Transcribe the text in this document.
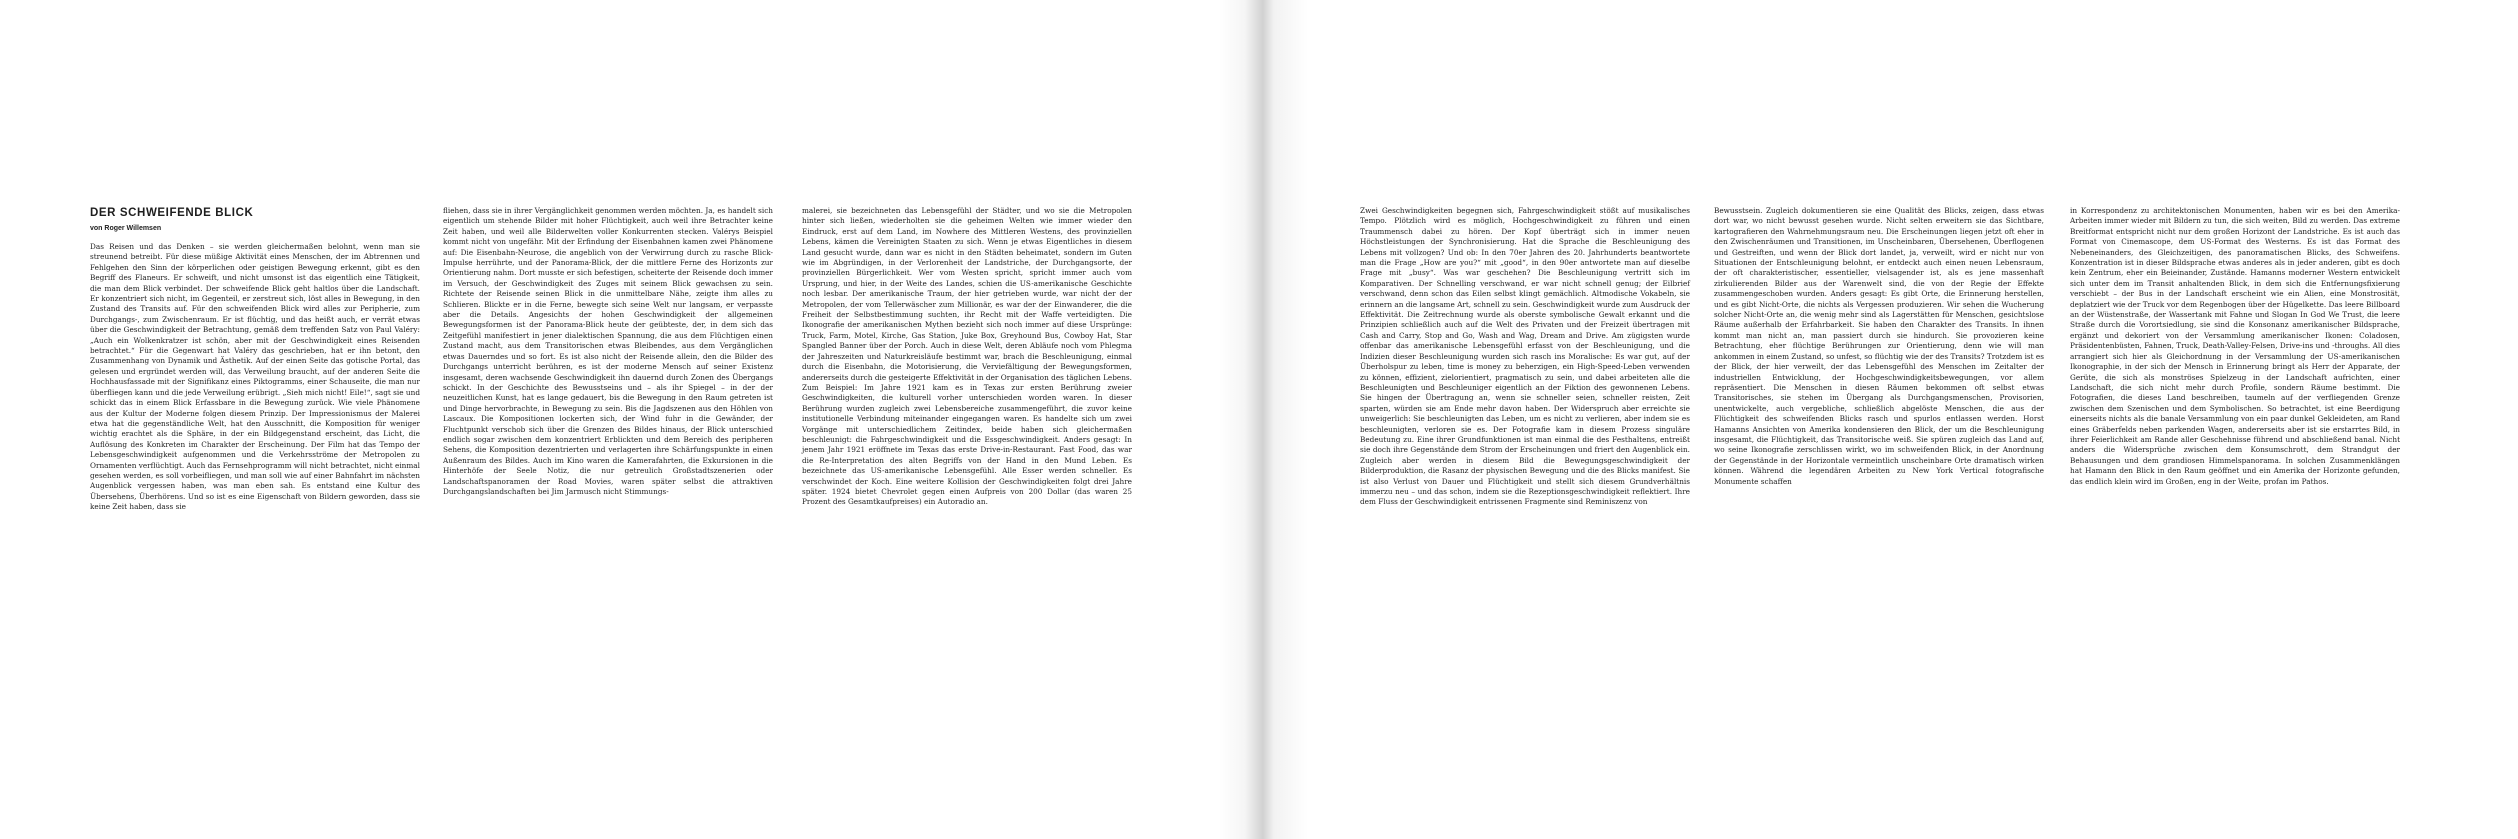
DER SCHWEIFENDE BLICK
von Roger Willemsen

Das Reisen und das Denken – sie werden gleichermaßen belohnt, wenn man sie streunend betreibt. Für diese müßige Aktivität eines Menschen, der im Abtrennen und Fehlgehen den Sinn der körperlichen oder geistigen Bewegung erkennt, gibt es den Begriff des Flaneurs. Er schweift, und nicht umsonst ist das eigentlich eine Tätigkeit, die man dem Blick verbindet. Der schweifende Blick geht haltlos über die Landschaft. Er konzentriert sich nicht, im Gegenteil, er zerstreut sich, löst alles in Bewegung, in den Zustand des Transits auf. Für den schweifenden Blick wird alles zur Peripherie, zum Durchgangs-, zum Zwischenraum. Er ist flüchtig, und das heißt auch, er verrät etwas über die Geschwindigkeit der Betrachtung, gemäß dem treffenden Satz von Paul Valéry: „Auch ein Wolkenkratzer ist schön, aber mit der Geschwindigkeit eines Reisenden betrachtet.“ Für die Gegenwart hat Valéry das geschrieben, hat er ihn betont, den Zusammenhang von Dynamik und Ästhetik. Auf der einen Seite das gotische Portal, das gelesen und ergründet werden will, das Verweilung braucht, auf der anderen Seite die Hochhausfassade mit der Signifikanz eines Piktogramms, einer Schauseite, die man nur überfliegen kann und die jede Verweilung erübrigt. „Sieh mich nicht! Eile!“, sagt sie und schickt das in einem Blick Erfassbare in die Bewegung zurück. Wie viele Phänomene aus der Kultur der Moderne folgen diesem Prinzip. Der Impressionismus der Malerei etwa hat die gegenständliche Welt, hat den Ausschnitt, die Komposition für weniger wichtig erachtet als die Sphäre, in der ein Bildgegenstand erscheint, das Licht, die Auflösung des Konkreten im Charakter der Erscheinung. Der Film hat das Tempo der Lebensgeschwindigkeit aufgenommen und die Verkehrsströme der Metropolen zu Ornamenten verflüchtigt. Auch das Fernsehprogramm will nicht betrachtet, nicht einmal gesehen werden, es soll vorbeifliegen, und man soll wie auf einer Bahnfahrt im nächsten Augenblick vergessen haben, was man eben sah. Es entstand eine Kultur des Übersehens, Überhörens. Und so ist es eine Eigenschaft von Bildern geworden, dass sie keine Zeit haben, dass sie

fliehen, dass sie in ihrer Vergänglichkeit genommen werden möchten. Ja, es handelt sich eigentlich um stehende Bilder mit hoher Flüchtigkeit, auch weil ihre Betrachter keine Zeit haben, und weil alle Bilderwelten voller Konkurrenten stecken. Valérys Beispiel kommt nicht von ungefähr. Mit der Erfindung der Eisenbahnen kamen zwei Phänomene auf: Die Eisenbahn-Neurose, die angeblich von der Verwirrung durch zu rasche Blick-Impulse herrührte, und der Panorama-Blick, der die mittlere Ferne des Horizonts zur Orientierung nahm. Dort musste er sich befestigen, scheiterte der Reisende doch immer im Versuch, der Geschwindigkeit des Zuges mit seinem Blick gewachsen zu sein. Richtete der Reisende seinen Blick in die unmittelbare Nähe, zeigte ihm alles zu Schlieren. Blickte er in die Ferne, bewegte sich seine Welt nur langsam, er verpasste aber die Details. Angesichts der hohen Geschwindigkeit der allgemeinen Bewegungsformen ist der Panorama-Blick heute der geübteste, der, in dem sich das Zeitgefühl manifestiert in jener dialektischen Spannung, die aus dem Flüchtigen einen Zustand macht, aus dem Transitorischen etwas Bleibendes, aus dem Vergänglichen etwas Dauerndes und so fort. Es ist also nicht der Reisende allein, den die Bilder des Durchgangs unterricht berühren, es ist der moderne Mensch auf seiner Existenz insgesamt, deren wachsende Geschwindigkeit ihn dauernd durch Zonen des Übergangs schickt. In der Geschichte des Bewusstseins und – als ihr Spiegel – in der der neuzeitlichen Kunst, hat es lange gedauert, bis die Bewegung in den Raum getreten ist und Dinge hervorbrachte, in Bewegung zu sein. Bis die Jagdszenen aus den Höhlen von Lascaux. Die Kompositionen lockerten sich, der Wind fuhr in die Gewänder, der Fluchtpunkt verschob sich über die Grenzen des Bildes hinaus, der Blick unterschied endlich sogar zwischen dem konzentriert Erblickten und dem Bereich des peripheren Sehens, die Komposition dezentrierten und verlagerten ihre Schärfungspunkte in einen Außenraum des Bildes. Auch im Kino waren die Kamerafahrten, die Exkursionen in die Hinterhöfe der Seele Notiz, die nur getreulich Großstadtszenerien oder Landschaftspanoramen der Road Movies, waren später selbst die attraktiven Durchgangslandschaften bei Jim Jarmusch nicht Stimmungs-

malerei, sie bezeichneten das Lebensgefühl der Städter, und wo sie die Metropolen hinter sich ließen, wiederholten sie die geheimen Welten wie immer wieder den Eindruck, erst auf dem Land, im Nowhere des Mittleren Westens, des provinziellen Lebens, kämen die Vereinigten Staaten zu sich. Wenn je etwas Eigentliches in diesem Land gesucht wurde, dann war es nicht in den Städten beheimatet, sondern im Guten wie im Abgründigen, in der Verlorenheit der Landstriche, der Durchgangsorte, der provinziellen Bürgerlichkeit. Wer vom Westen spricht, spricht immer auch vom Ursprung, und hier, in der Weite des Landes, schien die US-amerikanische Geschichte noch lesbar. Der amerikanische Traum, der hier getrieben wurde, war nicht der der Metropolen, der vom Tellerwäscher zum Millionär, es war der der Einwanderer, die die Freiheit der Selbstbestimmung suchten, ihr Recht mit der Waffe verteidigten. Die Ikonografie der amerikanischen Mythen bezieht sich noch immer auf diese Ursprünge: Truck, Farm, Motel, Kirche, Gas Station, Juke Box, Greyhound Bus, Cowboy Hat, Star Spangled Banner über der Porch. Auch in diese Welt, deren Abläufe noch vom Phlegma der Jahreszeiten und Naturkreisläufe bestimmt war, brach die Beschleunigung, einmal durch die Eisenbahn, die Motorisierung, die Verviefältigung der Bewegungsformen, andererseits durch die gesteigerte Effektivität in der Organisation des täglichen Lebens. Zum Beispiel: Im Jahre 1921 kam es in Texas zur ersten Berührung zweier Geschwindigkeiten, die kulturell vorher unterschieden worden waren. In dieser Berührung wurden zugleich zwei Lebensbereiche zusammengeführt, die zuvor keine institutionelle Verbindung miteinander eingegangen waren. Es handelte sich um zwei Vorgänge mit unterschiedlichem Zeitindex, beide haben sich gleichermaßen beschleunigt: die Fahrgeschwindigkeit und die Essgeschwindigkeit. Anders gesagt: In jenem Jahr 1921 eröffnete im Texas das erste Drive-in-Restaurant. Fast Food, das war die Re-Interpretation des alten Begriffs von der Hand in den Mund Leben. Es bezeichnete das US-amerikanische Lebensgefühl. Alle Esser werden schneller. Es verschwindet der Koch. Eine weitere Kollision der Geschwindigkeiten folgt drei Jahre später. 1924 bietet Chevrolet gegen einen Aufpreis von 200 Dollar (das waren 25 Prozent des Gesamtkaufpreises) ein Autoradio an.

Zwei Geschwindigkeiten begegnen sich, Fahrgeschwindigkeit stößt auf musikalisches Tempo. Plötzlich wird es möglich, Hochgeschwindigkeit zu führen und einen Traummensch dabei zu hören. Der Kopf überträgt sich in immer neuen Höchstleistungen der Synchronisierung. Hat die Sprache die Beschleunigung des Lebens mit vollzogen? Und ob: In den 70er Jahren des 20. Jahrhunderts beantwortete man die Frage „How are you?“ mit „good“, in den 90er antwortete man auf dieselbe Frage mit „busy“. Was war geschehen? Die Beschleunigung vertritt sich im Komparativen. Der Schnelling verschwand, er war nicht schnell genug; der Eilbrief verschwand, denn schon das Eilen selbst klingt gemächlich. Altmodische Vokabeln, sie erinnern an die langsame Art, schnell zu sein. Geschwindigkeit wurde zum Ausdruck der Effektivität. Die Zeitrechnung wurde als oberste symbolische Gewalt erkannt und die Prinzipien schließlich auch auf die Welt des Privaten und der Freizeit übertragen mit Cash and Carry, Stop and Go, Wash and Wag, Dream and Drive. Am zügigsten wurde offenbar das amerikanische Lebensgefühl erfasst von der Beschleunigung, und die Indizien dieser Beschleunigung wurden sich rasch ins Moralische: Es war gut, auf der Überholspur zu leben, time is money zu beherzigen, ein High-Speed-Leben verwenden zu können, effizient, zielorientiert, pragmatisch zu sein, und dabei arbeiteten alle die Beschleunigten und Beschleuniger eigentlich an der Fiktion des gewonnenen Lebens. Sie hingen der Übertragung an, wenn sie schneller seien, schneller reisten, Zeit sparten, würden sie am Ende mehr davon haben. Der Widerspruch aber erreichte sie unweigerlich: Sie beschleunigten das Leben, um es nicht zu verlieren, aber indem sie es beschleunigten, verloren sie es. Der Fotografie kam in diesem Prozess singuläre Bedeutung zu. Eine ihrer Grundfunktionen ist man einmal die des Festhaltens, entreißt sie doch ihre Gegenstände dem Strom der Erscheinungen und friert den Augenblick ein. Zugleich aber werden in diesem Bild die Bewegungsgeschwindigkeit der Bilderproduktion, die Rasanz der physischen Bewegung und die des Blicks manifest. Sie ist also Verlust von Dauer und Flüchtigkeit und stellt sich diesem Grundverhältnis immerzu neu – und das schon, indem sie die Rezeptionsgeschwindigkeit reflektiert. Ihre dem Fluss der Geschwindigkeit entrissenen Fragmente sind Reminiszenz von

Bewusstsein. Zugleich dokumentieren sie eine Qualität des Blicks, zeigen, dass etwas dort war, wo nicht bewusst gesehen wurde. Nicht selten erweitern sie das Sichtbare, kartografieren den Wahrnehmungsraum neu. Die Erscheinungen liegen jetzt oft eher in den Zwischenräumen und Transitionen, im Unscheinbaren, Übersehenen, Überflogenen und Gestreiften, und wenn der Blick dort landet, ja, verweilt, wird er nicht nur von Situationen der Entschleunigung belohnt, er entdeckt auch einen neuen Lebensraum, der oft charakteristischer, essentieller, vielsagender ist, als es jene massenhaft zirkulierenden Bilder aus der Warenwelt sind, die von der Regie der Effekte zusammengeschoben wurden. Anders gesagt: Es gibt Orte, die Erinnerung herstellen, und es gibt Nicht-Orte, die nichts als Vergessen produzieren. Wir sehen die Wucherung solcher Nicht-Orte an, die wenig mehr sind als Lagerstätten für Menschen, gesichtslose Räume außerhalb der Erfahrbarkeit. Sie haben den Charakter des Transits. In ihnen kommt man nicht an, man passiert durch sie hindurch. Sie provozieren keine Betrachtung, eher flüchtige Berührungen zur Orientierung, denn wie will man ankommen in einem Zustand, so unfest, so flüchtig wie der des Transits? Trotzdem ist es der Blick, der hier verweilt, der das Lebensgefühl des Menschen im Zeitalter der industriellen Entwicklung, der Hochgeschwindigkeitsbewegungen, vor allem repräsentiert. Die Menschen in diesen Räumen bekommen oft selbst etwas Transitorisches, sie stehen im Übergang als Durchgangsmenschen, Provisorien, unentwickelte, auch vergebliche, schließlich abgelöste Menschen, die aus der Flüchtigkeit des schweifenden Blicks rasch und spurlos entlassen werden. Horst Hamanns Ansichten von Amerika kondensieren den Blick, der um die Beschleunigung insgesamt, die Flüchtigkeit, das Transitorische weiß. Sie spüren zugleich das Land auf, wo seine Ikonografie zerschlissen wirkt, wo im schweifenden Blick, in der Anordnung der Gegenstände in der Horizontale vermeintlich unscheinbare Orte dramatisch wirken können. Während die legendären Arbeiten zu New York Vertical fotografische Monumente schaffen

in Korrespondenz zu architektonischen Monumenten, haben wir es bei den Amerika-Arbeiten immer wieder mit Bildern zu tun, die sich weiten, Bild zu werden. Das extreme Breitformat entspricht nicht nur dem großen Horizont der Landstriche. Es ist auch das Format von Cinemascope, dem US-Format des Westerns. Es ist das Format des Nebeneinanders, des Gleichzeitigen, des panoramatischen Blicks, des Schweifens. Konzentration ist in dieser Bildsprache etwas anderes als in jeder anderen, gibt es doch kein Zentrum, eher ein Beieinander, Zustände. Hamanns moderner Western entwickelt sich unter dem im Transit anhaltenden Blick, in dem sich die Entfernungsfixierung verschiebt – der Bus in der Landschaft erscheint wie ein Alien, eine Monstrosität, deplatziert wie der Truck vor dem Regenbogen über der Hügelkette. Das leere Billboard an der Wüstenstraße, der Wassertank mit Fahne und Slogan In God We Trust, die leere Straße durch die Vorortsiedlung, sie sind die Konsonanz amerikanischer Bildsprache, ergänzt und dekoriert von der Versammlung amerikanischer Ikonen: Coladosen, Präsidentenbüsten, Fahnen, Truck, Death-Valley-Felsen, Drive-ins und -throughs. All dies arrangiert sich hier als Gleichordnung in der Versammlung der US-amerikanischen Ikonographie, in der sich der Mensch in Erinnerung bringt als Herr der Apparate, der Gerüte, die sich als monströses Spielzeug in der Landschaft aufrichten, einer Landschaft, die sich nicht mehr durch Profile, sondern Räume bestimmt. Die Fotografien, die dieses Land beschreiben, taumeln auf der verfliegenden Grenze zwischen dem Szenischen und dem Symbolischen. So betrachtet, ist eine Beerdigung einerseits nichts als die banale Versammlung von ein paar dunkel Gekleideten, am Rand eines Gräberfelds neben parkenden Wagen, andererseits aber ist sie erstarrtes Bild, in ihrer Feierlichkeit am Rande aller Geschehnisse führend und abschließend banal. Nicht anders die Widersprüche zwischen dem Konsumschrott, dem Strandgut der Behausungen und dem grandiosen Himmelspanorama. In solchen Zusammenklängen hat Hamann den Blick in den Raum geöffnet und ein Amerika der Horizonte gefunden, das endlich klein wird im Großen, eng in der Weite, profan im Pathos.
